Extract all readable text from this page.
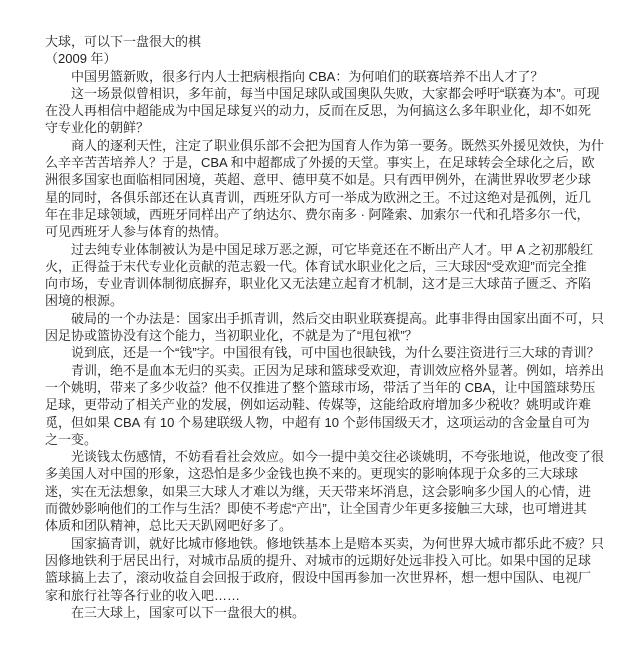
大球，可以下一盘很大的棋
（2009 年）
中国男篮新败，很多行内人士把病根指向 CBA：为何咱们的联赛培养不出人才了？
这一场景似曾相识，多年前，每当中国足球队或国奥队失败，大家都会呼吁“联赛为本”。可现
在没人再相信中超能成为中国足球复兴的动力，反而在反思，为何搞这么多年职业化，却不如死
守专业化的朝鲜？
商人的逐利天性，注定了职业俱乐部不会把为国育人作为第一要务。既然买外援见效快，为什
么辛辛苦苦培养人？于是，CBA 和中超都成了外援的天堂。事实上，在足球转会全球化之后，欧
洲很多国家也面临相同困境，英超、意甲、德甲莫不如是。只有西甲例外，在满世界收罗老少球
星的同时，各俱乐部还在认真青训，西班牙队方可一举成为欧洲之王。不过这绝对是孤例，近几
年在非足球领域，西班牙同样出产了纳达尔、费尔南多 · 阿隆索、加索尔一代和孔塔多尔一代，
可见西班牙人参与体育的热情。
过去纯专业体制被认为是中国足球万恶之源，可它毕竟还在不断出产人才。甲 A 之初那般红
火，正得益于末代专业化贡献的范志毅一代。体育试水职业化之后，三大球因“受欢迎”而完全推
向市场，专业青训体制彻底摒弃，职业化又无法建立起育才机制，这才是三大球苗子匮乏、齐陷
困境的根源。
破局的一个办法是：国家出手抓青训，然后交由职业联赛提高。此事非得由国家出面不可，只
因足协或篮协没有这个能力，当初职业化，不就是为了“甩包袱”？
说到底，还是一个“钱”字。中国很有钱，可中国也很缺钱，为什么要注资进行三大球的青训？
青训，绝不是血本无归的买卖。正因为足球和篮球受欢迎，青训效应格外显著。例如，培养出
一个姚明，带来了多少收益？他不仅推进了整个篮球市场，带活了当年的 CBA，让中国篮球势压
足球，更带动了相关产业的发展，例如运动鞋、传媒等，这能给政府增加多少税收？姚明或许难
觅，但如果 CBA 有 10 个易建联级人物，中超有 10 个彭伟国级天才，这项运动的含金量自可为
之一变。
光谈钱太伤感情，不妨看看社会效应。如今一提中美交往必谈姚明，不夸张地说，他改变了很
多美国人对中国的形象，这恐怕是多少金钱也换不来的。更现实的影响体现于众多的三大球球
迷，实在无法想象，如果三大球人才难以为继，天天带来坏消息，这会影响多少国人的心情，进
而微妙影响他们的工作与生活？即使不考虑“产出”，让全国青少年更多接触三大球，也可增进其
体质和团队精神，总比天天趴网吧好多了。
国家搞青训，就好比城市修地铁。修地铁基本上是赔本买卖，为何世界大城市都乐此不疲？只
因修地铁利于居民出行，对城市品质的提升、对城市的远期好处远非投入可比。如果中国的足球
篮球搞上去了，滚动收益自会回报于政府，假设中国再参加一次世界杯，想一想中国队、电视厂
家和旅行社等各行业的收入吧……
在三大球上，国家可以下一盘很大的棋。
